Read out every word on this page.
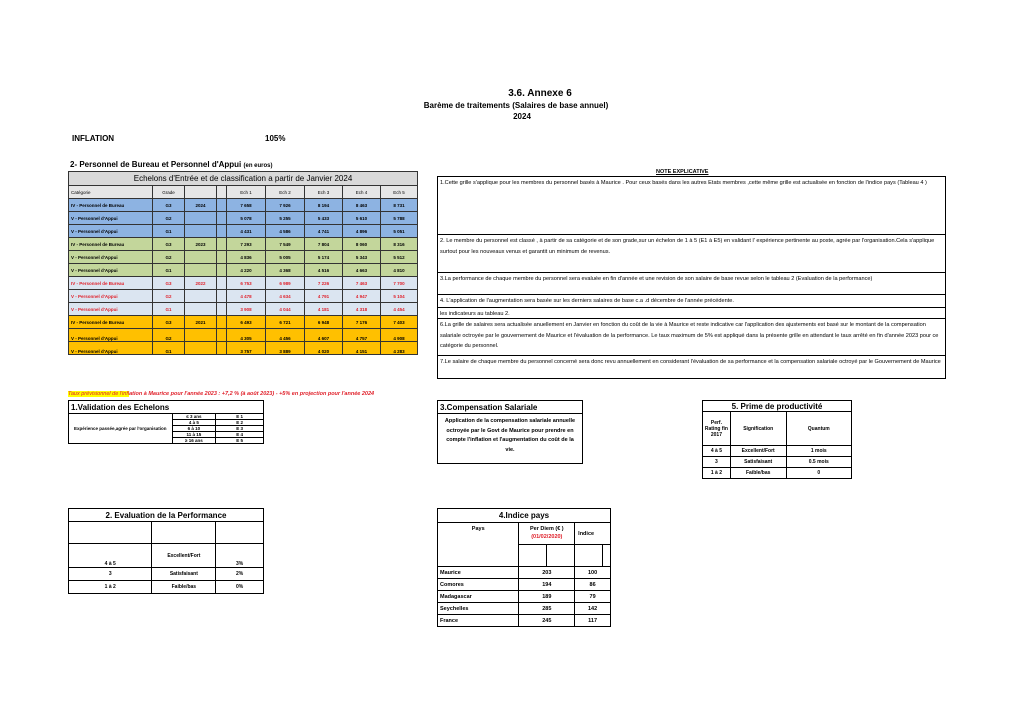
3.6. Annexe 6
Barème de traitements (Salaires de base annuel)
2024
INFLATION	105%
2- Personnel de Bureau et Personnel d'Appui (en euros)
Echelons d'Entrée et de classification a partir de Janvier 2024								
Catégorie	Grade			Ech 1	Ech 2	Ech 3	Ech 4	Ech 5
IV - Personnel de Bureau	G3	2024		7 658	7 926	8 194	8 463	8 731
V - Personnel d'Appui	G2			5 078	5 255	5 433	5 610	5 788
V - Personnel d'Appui	G1			4 431	4 586	4 741	4 896	5 051
IV - Personnel de Bureau	G3	2023		7 293	7 549	7 804	8 060	8 316
V - Personnel d'Appui	G2			4 836	5 005	5 174	5 343	5 512
V - Personnel d'Appui	G1			4 220	4 368	4 516	4 663	4 810
IV - Personnel de Bureau	G3	2022		6 753	6 989	7 226	7 463	7 700
V - Personnel d'Appui	G2			4 478	4 634	4 791	4 947	5 104
V - Personnel d'Appui	G1			3 908	4 044	4 181	4 318	4 454
IV - Personnel de Bureau	G3	2021		6 493	6 721	6 948	7 176	7 403
V - Personnel d'Appui	G2			4 305	4 456	4 607	4 757	4 908
V - Personnel d'Appui	G1			3 757	3 889	4 020	4 151	4 283
Taux prévisionnel de l'inflation à Maurice pour l'année 2023 : +7,2 % (à août 2023) - +5% en projection pour l'année 2024
NOTE EXPLICATIVE
1.Cette grille s'applique pour les membres du personnel basés à Maurice . Pour ceux basés dans les autres Etats membres ,cette même grille est actualisée en fonction de l'indice pays (Tableau 4 )
2. Le membre du personnel est classé , à partir de sa catégorie et de son grade,sur un échelon de 1 à 5 (E1 à E5) en validant l' expérience pertinente au poste, agrée par l'organisation.Cela s'applique surtout pour les nouveaux venus et garantit un minimum de revenus.
3.La performance de chaque membre du personnel sera evaluée en fin d'année et une revision de son salaire de base revue selon le tableau 2 (Evaluation de la performance)
4. L'application de l'augmentation sera basée sur les derniers salaires de base c.a .d décembre de l'année précédente.
les indicateurs au tableau 2.
6.La grille de salaires sera actualisée anuellement en Janvier en fonction du coût de la vie à Maurice et reste indicative car l'application des ajustements est basé sur le montant de la compensation salariale octroyée par le gouvernement de Maurice et l'évaluation de la performance. Le taux maximum de 5% est appliqué dans la présente grille en attendant le taux arrêté en fin d'année 2023 pour ce catégorie du personnel.
7.Le salaire de chaque membre du personnel concerné sera donc revu annuellement en considerant l'évaluation de sa performance et la compensation salariale octroyé par le Gouvernement de Maurice
1.Validation des Echelons
Expérience passée,agrée par l'organisation	≤ 3 ans	E 1
	4 à 5	E 2
	6 à 10	E 3
	11 à 15	E 4
	≥ 16 ans	E 5
3.Compensation Salariale
Application de la compensation salariale annuelle octroyée par le Govt de Maurice pour prendre en compte l'inflation et l'augmentation du coût de la vie.
5. Prime de productivité		
Perf. Rating fin 2017	Signification	Quantum
4 à 5	Excellent/Fort	1 mois
3	Satisfaisant	0.5 mois
1 à 2	Faible/bas	0
2. Evaluation de la Performance		

4 à 5	Excellent/Fort	3%
3	Satisfaisant	2%
1 à 2	Faible/bas	0%
4.Indice pays				
Pays	Per Diem (€ )
(01/02/2020)		Indice	

Maurice	203		100	
Comores	194		86	
Madagascar	189		79	
Seychelles	285		142	
France	245		117	
